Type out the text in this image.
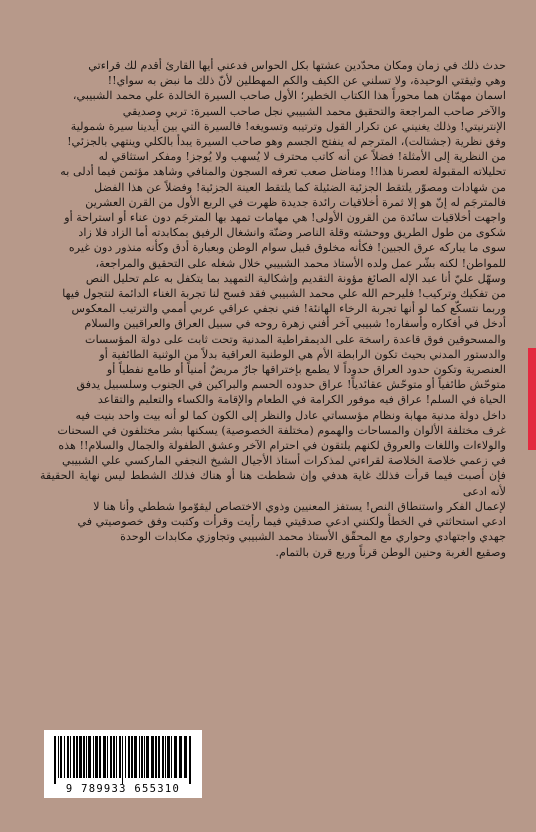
حدث ذلك في زمان ومكان محدّدين عشتها بكل الحواس فدعني أيها القارئ أقدم لك قراءتي

وهي وثيقتي الوحيدة، ولا تسلني عن الكيف والكم المهطلين لأنّ ذلك ما نبض به سواي!!

اسمان مهمّان هما محوراً هذا الكتاب الخطير؛ الأول صاحب السيرة الخالدة علي محمد الشبيبي،

والآخر صاحب المراجعة والتحقيق محمد الشبيبي نجل صاحب السيرة: تربي وصديقي

الإنترنيتي! وذلك يغنيني عن تكرار القول وترتيبه وتسويغه! فالسيرة التي بين أيدينا سيرة شمولية

وفق نظرية (جشتالت)، المترجم له ينفتح الجسم وهو صاحب السيرة يبدأ بالكلي وينتهي بالجزئي!

من النظرية إلى الأمثلة! فضلاً عن أنه كاتب محترف لا يُسهب ولا يُوجز! ومفكر استثاقي له

تحليلاته المقبولة لعصرنا هذا!! ومناضل صعب تعرفه السجون والمنافي وشاهد مؤتمن فيما أدلى به

من شهادات ومصوّر يلتقط الجزئية الضئيلة كما يلتقط العينة الجزئية! وفضلاً عن هذا الفضل

فالمترجَم له إنّ هو إلا ثمرة أخلاقيات رائدة جديدة ظهرت في الربع الأول من القرن العشرين

واجهت أخلاقيات سائدة من القرون الأولى! هي مهامات تمهد بها المترجَم دون عناء أو استراحة أو

شكوى من طول الطريق ووحشته وقلة الناصر وضنّة وانشغال الرفيق بمكابدته أما الزاد فلا زاد

سوى ما يباركه عرق الجبين! فكأنه مخلوق قبيل سوام الوطن وبعبارة أدق وكأنه منذور دون غيره

للمواطن! لكنه بشّر عمل ولده الأستاذ محمد الشبيبي خلال شغله على التحقيق والمراجعة،

وسهّل عليّ أنا عبد الإله الصائغ مؤونة التقديم وإشكالية التمهيد بما يتكفل به علم تحليل النص

من تفكيك وتركيب! فليرحم الله علي محمد الشبيبي فقد فسح لنا تجربة الغناء الدائمة لنتجول فيها

وربما نتسكّع كما لو أنها تجربة الرخاء الهانئة! فني نجفي عراقي عربي أممي والترتيب المعكوس

أدخل في أفكاره وأسفاره! شبيبي آخر أفني زهرة روحه في سبيل العراق والعراقيين والسلام

والمسحوقين فوق قاعدة راسخة على الديمقراطية المدنية وتحت ثابت على دولة المؤسسات

والدستور المدني بحيث تكون الرابطة الأم هي الوطنية العراقية بدلاً من الوثنية الطائفية أو

العنصرية وتكون حدود العراق حدوداً لا يطمع بإختراقها جارٌ مريضٌ أمنياً أو طامع نفطياً أو

متوحّش طائفياً أو متوحّش عقائدياً! عراق حدوده الحسم والبراكين في الجنوب وسلسبيل يدفق

الحياة في السلم! عراق فيه موفور الكرامة في الطعام والإقامة والكساء والتعليم والتقاعد

داخل دولة مدنية مهابة ونظام مؤسساتي عادل والنظر إلى الكون كما لو أنه بيت واحد بنيت فيه

غرف مختلفة الألوان والمساحات والهموم (مختلفة الخصوصية) يسكنها بشر مختلفون في السحنات

والولاءات واللغات والعروق لكنهم يلتقون في احترام الآخر وعشق الطفولة والجمال والسلام!! هذه

في زعمي خلاصة الخلاصة لقراءتي لمذكرات أستاذ الأجيال الشيخ النجفي الماركسي علي الشبيبي

فإن أصبت فيما قرأت فذلك غاية هدفي وإن شططت هنا أو هناك فذلك الشطط ليس نهاية الحقيقة لأنه ادعى

لإعمال الفكر واستنطاق النص! يستفز المعنيين وذوي الاختصاص ليقوّموا شططي وأنا هنا لا

ادعي استحاثتي في الخطأ ولكنني ادعي صدقيتي فيما رأيت وقرأت وكتبت وفق خصوصيتي في

جهدي واجتهادي وحواري مع المحقّق الأستاذ محمد الشبيبي وتجاوزي مكابدات الوحدة

وصقيع الغربة وحنين الوطن قرناً وربع قرن بالتمام.

9 789933 655310
